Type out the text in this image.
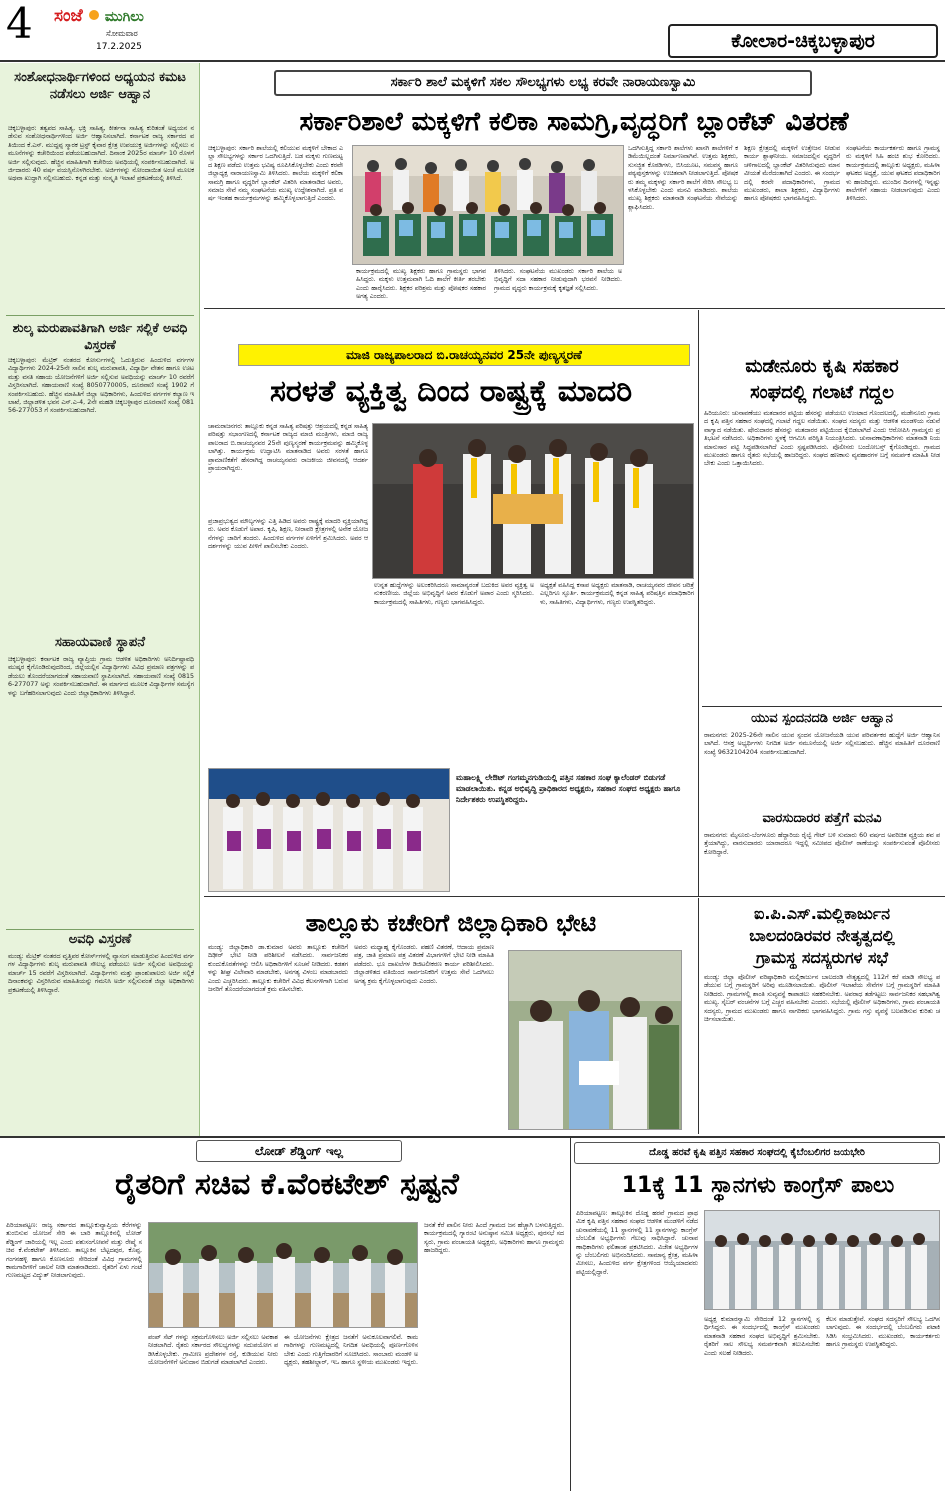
4 ಸಂಜೆ ಮುಗಿಲು
ಸೋಮವಾರ
17.2.2025	ಕೋಲಾರ-ಚಿಕ್ಕಬಳ್ಳಾಪುರ
ಸಂಶೋಧನಾರ್ಥಿಗಳಿಂದ ಅಧ್ಯಯನ ಕಮಟ ನಡೆಸಲು ಅರ್ಜಿ ಆಹ್ವಾನ
ಚಿಕ್ಕಬಳ್ಳಾಪುರ: ತತ್ವಪದ ಸಾಹಿತ್ಯ, ಭಕ್ತಿ ಸಾಹಿತ್ಯ, ಕೀರ್ತನಾ ಸಾಹಿತ್ಯ ಕುರಿತಂತೆ ಅಧ್ಯಯನ ನಡೆಸುವ ಸಂಶೋಧನಾರ್ಥಿಗಳಿಂದ ಅರ್ಜಿ ಆಹ್ವಾನಿಸಲಾಗಿದೆ. ಕರ್ನಾಟಕ ರಾಜ್ಯ ಸರ್ಕಾರದ ವತಿಯಿಂದ ಕೆ.ಎಸ್. ಮುದ್ದಪ್ಪ ಸ್ಮಾರಕ ಟ್ರಸ್ಟ್ ಕೈವಾರ ಕ್ಷೇತ್ರ ಉಪಯುಕ್ತ ಅರ್ಜಿಗಳನ್ನು ಸಲ್ಲಿಸಲು ನಮೂನೆಗಳನ್ನು ಕಚೇರಿಯಿಂದ ಪಡೆಯಬಹುದಾಗಿದೆ. ದಿನಾಂಕ 2025ರ ಮಾರ್ಚ್ 10 ರೊಳಗೆ ಅರ್ಜಿ ಸಲ್ಲಿಸುವುದು. ಹೆಚ್ಚಿನ ಮಾಹಿತಿಗಾಗಿ ಕಚೇರಿಯ ಅವಧಿಯಲ್ಲಿ ಸಂಪರ್ಕಿಸಬಹುದಾಗಿದೆ. ಅರ್ಜಿದಾರರು 40 ವರ್ಷ ವಯಸ್ಸಿನೊಳಗಿರಬೇಕು. ಅರ್ಜಿಗಳನ್ನು ನೋಂದಾಯಿತ ಅಂಚೆ ಮೂಲಕ ಅಥವಾ ಖುದ್ದಾಗಿ ಸಲ್ಲಿಸಬಹುದು. ಕನ್ನಡ ಮತ್ತು ಸಂಸ್ಕೃತಿ ಇಲಾಖೆ ಪ್ರಕಟಣೆಯಲ್ಲಿ ತಿಳಿಸಿದೆ.
ಶುಲ್ಕ ಮರುಪಾವತಿಗಾಗಿ ಅರ್ಜಿ ಸಲ್ಲಿಕೆ ಅವಧಿ ವಿಸ್ತರಣೆ
ಚಿಕ್ಕಬಳ್ಳಾಪುರ: ಮೆಟ್ರಿಕ್ ನಂತರದ ಕೋರ್ಸುಗಳಲ್ಲಿ ಓದುತ್ತಿರುವ ಹಿಂದುಳಿದ ವರ್ಗಗಳ ವಿದ್ಯಾರ್ಥಿಗಳು 2024-25ನೇ ಸಾಲಿನ ಶುಲ್ಕ ಮರುಪಾವತಿ, ವಿದ್ಯಾರ್ಥಿ ವೇತನ ಹಾಗೂ ಊಟ ಮತ್ತು ವಸತಿ ಸಹಾಯ ಯೋಜನೆಗಳಿಗೆ ಅರ್ಜಿ ಸಲ್ಲಿಸುವ ಅವಧಿಯನ್ನು ಮಾರ್ಚ್ 10 ರವರೆಗೆ ವಿಸ್ತರಿಸಲಾಗಿದೆ. ಸಹಾಯವಾಣಿ ಸಂಖ್ಯೆ 8050770005, ದೂರವಾಣಿ ಸಂಖ್ಯೆ 1902 ಗೆ ಸಂಪರ್ಕಿಸಬಹುದು. ಹೆಚ್ಚಿನ ಮಾಹಿತಿಗೆ ಜಿಲ್ಲಾ ಅಧಿಕಾರಿಗಳು, ಹಿಂದುಳಿದ ವರ್ಗಗಳ ಕಲ್ಯಾಣ ಇಲಾಖೆ, ಜಿಲ್ಲಾಡಳಿತ ಭವನ ಎಸ್.ಎ-4, 2ನೇ ಮಹಡಿ ಚಿಕ್ಕಬಳ್ಳಾಪುರ ದೂರವಾಣಿ ಸಂಖ್ಯೆ 08156-277053 ಗೆ ಸಂಪರ್ಕಿಸಬಹುದಾಗಿದೆ.
ಸಹಾಯವಾಣಿ ಸ್ಥಾಪನೆ
ಚಿಕ್ಕಬಳ್ಳಾಪುರ: ಕರ್ನಾಟಕ ರಾಜ್ಯ ವ್ಯಾಪ್ತಿಯ ಗ್ರಾಮ ಆಡಳಿತ ಅಧಿಕಾರಿಗಳು ಅನಿರ್ದಿಷ್ಟಾವಧಿ ಮುಷ್ಕರ ಕೈಗೊಂಡಿರುವುದರಿಂದ, ಜಿಲ್ಲೆಯಲ್ಲಿನ ವಿದ್ಯಾರ್ಥಿಗಳು ವಿವಿಧ ಪ್ರಮಾಣ ಪತ್ರಗಳನ್ನು ಪಡೆಯಲು ತೊಂದರೆಯಾಗದಂತೆ ಸಹಾಯವಾಣಿ ಸ್ಥಾಪಿಸಲಾಗಿದೆ. ಸಹಾಯವಾಣಿ ಸಂಖ್ಯೆ 08156-277077 ಅನ್ನು ಸಂಪರ್ಕಿಸಬಹುದಾಗಿದೆ. ಈ ಮಾರ್ಗದ ಮೂಲಕ ವಿದ್ಯಾರ್ಥಿಗಳ ಸಮಸ್ಯೆಗಳನ್ನು ಬಗೆಹರಿಸಲಾಗುವುದು ಎಂದು ಜಿಲ್ಲಾಧಿಕಾರಿಗಳು ತಿಳಿಸಿದ್ದಾರೆ.
ಅವಧಿ ವಿಸ್ತರಣೆ
ಮಂಡ್ಯ: ಮೆಟ್ರಿಕ್ ನಂತರದ ವೃತ್ತಿಪರ ಕೋರ್ಸ್‌ಗಳಲ್ಲಿ ವ್ಯಾಸಂಗ ಮಾಡುತ್ತಿರುವ ಹಿಂದುಳಿದ ವರ್ಗಗಳ ವಿದ್ಯಾರ್ಥಿಗಳು ಶುಲ್ಕ ಮರುಪಾವತಿ ಸೌಲಭ್ಯ ಪಡೆಯಲು ಅರ್ಜಿ ಸಲ್ಲಿಸುವ ಅವಧಿಯನ್ನು ಮಾರ್ಚ್ 15 ರವರೆಗೆ ವಿಸ್ತರಿಸಲಾಗಿದೆ. ವಿದ್ಯಾರ್ಥಿಗಳು ಮತ್ತು ಪ್ರಾಂಶುಪಾಲರು ಅರ್ಜಿ ಸಲ್ಲಿಕೆ ದಿನಾಂಕವನ್ನು ವಿಸ್ತರಿಸಿರುವ ಮಾಹಿತಿಯನ್ನು ಗಮನಿಸಿ ಅರ್ಜಿ ಸಲ್ಲಿಸುವಂತೆ ಜಿಲ್ಲಾ ಅಧಿಕಾರಿಗಳು ಪ್ರಕಟಣೆಯಲ್ಲಿ ತಿಳಿಸಿದ್ದಾರೆ.
ಸರ್ಕಾರಿ ಶಾಲೆ ಮಕ್ಕಳಿಗೆ ಸಕಲ ಸೌಲಭ್ಯಗಳು ಲಭ್ಯ ಕರವೇ ನಾರಾಯಣಸ್ವಾಮಿ
ಸರ್ಕಾರಿಶಾಲೆ ಮಕ್ಕಳಿಗೆ ಕಲಿಕಾ ಸಾಮಗ್ರಿ,ವೃದ್ಧರಿಗೆ ಬ್ಲಾಂಕೆಟ್ ವಿತರಣೆ
ಚಿಕ್ಕಬಳ್ಳಾಪುರ: ಸರ್ಕಾರಿ ಶಾಲೆಯಲ್ಲಿ ಕಲಿಯುವ ಮಕ್ಕಳಿಗೆ ಬೇಕಾದ ಎಲ್ಲಾ ಸೌಲಭ್ಯಗಳನ್ನು ಸರ್ಕಾರ ಒದಗಿಸುತ್ತಿದೆ. ಬಡ ಮಕ್ಕಳು ಗುಣಮಟ್ಟದ ಶಿಕ್ಷಣ ಪಡೆದು ಉತ್ತಮ ಭವಿಷ್ಯ ರೂಪಿಸಿಕೊಳ್ಳಬೇಕು ಎಂದು ಕರವೇ ಜಿಲ್ಲಾಧ್ಯಕ್ಷ ನಾರಾಯಣಸ್ವಾಮಿ ತಿಳಿಸಿದರು. ಶಾಲೆಯ ಮಕ್ಕಳಿಗೆ ಕಲಿಕಾ ಸಾಮಗ್ರಿ ಹಾಗೂ ವೃದ್ಧರಿಗೆ ಬ್ಲಾಂಕೆಟ್ ವಿತರಿಸಿ ಮಾತನಾಡಿದ ಅವರು, ಸಮಾಜ ಸೇವೆ ನಮ್ಮ ಸಂಘಟನೆಯ ಮುಖ್ಯ ಉದ್ದೇಶವಾಗಿದೆ. ಪ್ರತಿ ವರ್ಷ ಇಂತಹ ಕಾರ್ಯಕ್ರಮಗಳನ್ನು ಹಮ್ಮಿಕೊಳ್ಳಲಾಗುತ್ತಿದೆ ಎಂದರು.
ಒದಗಿಸುತ್ತಿದ್ದ ಸರ್ಕಾರಿ ಶಾಲೆಗಳು ಖಾಸಗಿ ಶಾಲೆಗಳಿಗೆ ಕಡಿಮೆಯಿಲ್ಲದಂತೆ ನಿರ್ಮಾಣವಾಗಿವೆ. ಉತ್ತಮ ಶಿಕ್ಷಕರು, ಸುಸಜ್ಜಿತ ಕೊಠಡಿಗಳು, ಬಿಸಿಯೂಟ, ಸಮವಸ್ತ್ರ ಹಾಗೂ ಪಠ್ಯಪುಸ್ತಕಗಳನ್ನು ಉಚಿತವಾಗಿ ನೀಡಲಾಗುತ್ತಿದೆ. ಪೋಷಕರು ತಮ್ಮ ಮಕ್ಕಳನ್ನು ಸರ್ಕಾರಿ ಶಾಲೆಗೆ ಸೇರಿಸಿ ಸೌಲಭ್ಯ ಬಳಸಿಕೊಳ್ಳಬೇಕು ಎಂದು ಮನವಿ ಮಾಡಿದರು. ಶಾಲೆಯ ಮುಖ್ಯ ಶಿಕ್ಷಕರು ಮಾತನಾಡಿ ಸಂಘಟನೆಯ ಸೇವೆಯನ್ನು ಶ್ಲಾಘಿಸಿದರು.
ಶಿಕ್ಷಣ ಕ್ಷೇತ್ರದಲ್ಲಿ ಮಕ್ಕಳಿಗೆ ಉತ್ತೇಜನ ನೀಡುವ ಕಾರ್ಯ ಶ್ಲಾಘನೀಯ. ಸಮಾಜದಲ್ಲಿನ ವೃದ್ಧರಿಗೆ ಚಳಿಗಾಲದಲ್ಲಿ ಬ್ಲಾಂಕೆಟ್ ವಿತರಿಸಿರುವುದು ಮಾನವೀಯತೆ ಮೆರೆದಂತಾಗಿದೆ ಎಂದರು. ಈ ಸಂದರ್ಭದಲ್ಲಿ ಕರವೇ ಪದಾಧಿಕಾರಿಗಳು, ಗ್ರಾಮದ ಮುಖಂಡರು, ಶಾಲಾ ಶಿಕ್ಷಕರು, ವಿದ್ಯಾರ್ಥಿಗಳು ಹಾಗೂ ಪೋಷಕರು ಭಾಗವಹಿಸಿದ್ದರು.
ಸಂಘಟನೆಯ ಕಾರ್ಯಕರ್ತರು ಹಾಗೂ ಗ್ರಾಮಸ್ಥರು ಮಕ್ಕಳಿಗೆ ಸಿಹಿ ಹಂಚಿ ಶುಭ ಕೋರಿದರು. ಕಾರ್ಯಕ್ರಮದಲ್ಲಿ ತಾಲ್ಲೂಕು ಅಧ್ಯಕ್ಷರು, ಮಹಿಳಾ ಘಟಕದ ಅಧ್ಯಕ್ಷೆ, ಯುವ ಘಟಕದ ಪದಾಧಿಕಾರಿಗಳು ಹಾಜರಿದ್ದರು. ಮುಂದಿನ ದಿನಗಳಲ್ಲಿ ಇನ್ನಷ್ಟು ಶಾಲೆಗಳಿಗೆ ಸಹಾಯ ನೀಡಲಾಗುವುದು ಎಂದು ತಿಳಿಸಿದರು.
ಕಾರ್ಯಕ್ರಮದಲ್ಲಿ ಮುಖ್ಯ ಶಿಕ್ಷಕರು ಹಾಗೂ ಗ್ರಾಮಸ್ಥರು ಭಾಗವಹಿಸಿದ್ದರು. ಮಕ್ಕಳು ಉತ್ತಮವಾಗಿ ಓದಿ ಶಾಲೆಗೆ ಕೀರ್ತಿ ತರಬೇಕು ಎಂದು ಹಾರೈಸಿದರು. ಶಿಕ್ಷಕರ ಪರಿಶ್ರಮ ಮತ್ತು ಪೋಷಕರ ಸಹಕಾರ ಅಗತ್ಯ ಎಂದರು.
ತಿಳಿಸಿದರು. ಸಂಘಟನೆಯ ಮುಖಂಡರು ಸರ್ಕಾರಿ ಶಾಲೆಯ ಅಭಿವೃದ್ಧಿಗೆ ಸದಾ ಸಹಕಾರ ನೀಡುವುದಾಗಿ ಭರವಸೆ ನೀಡಿದರು. ಗ್ರಾಮದ ವೃದ್ಧರು ಕಾರ್ಯಕ್ರಮಕ್ಕೆ ಕೃತಜ್ಞತೆ ಸಲ್ಲಿಸಿದರು.
ಮಾಜಿ ರಾಜ್ಯಪಾಲರಾದ ಬಿ.ರಾಚಯ್ಯನವರ 25ನೇ ಪುಣ್ಯಸ್ಮರಣೆ
ಸರಳತೆ ವ್ಯಕ್ತಿತ್ವ ದಿಂದ ರಾಷ್ಟ್ರಕ್ಕೆ ಮಾದರಿ
ಚಾಮರಾಜನಗರ: ತಾಲ್ಲೂಕು ಕನ್ನಡ ಸಾಹಿತ್ಯ ಪರಿಷತ್ತು ಆಶ್ರಯದಲ್ಲಿ ಕನ್ನಡ ಸಾಹಿತ್ಯ ಪರಿಷತ್ತು ಸಭಾಂಗಣದಲ್ಲಿ ಕರ್ನಾಟಕ ರಾಜ್ಯದ ಮಾಜಿ ಮಂತ್ರಿಗಳು, ಮಾಜಿ ರಾಜ್ಯಪಾಲರಾದ ಬಿ.ರಾಚಯ್ಯನವರ 25ನೇ ಪುಣ್ಯಸ್ಮರಣೆ ಕಾರ್ಯಕ್ರಮವನ್ನು ಹಮ್ಮಿಕೊಳ್ಳಲಾಗಿತ್ತು. ಕಾರ್ಯಕ್ರಮ ಉದ್ಘಾಟಿಸಿ ಮಾತನಾಡಿದ ಅವರು ಸರಳತೆ ಹಾಗೂ ಪ್ರಾಮಾಣಿಕತೆಗೆ ಹೆಸರಾಗಿದ್ದ ರಾಚಯ್ಯನವರು ರಾಜಕೀಯ ಜೀವನದಲ್ಲಿ ಆದರ್ಶಪ್ರಾಯರಾಗಿದ್ದರು.
ಪ್ರಜಾಪ್ರಭುತ್ವದ ಮೌಲ್ಯಗಳನ್ನು ಎತ್ತಿ ಹಿಡಿದ ಅವರು ರಾಷ್ಟ್ರಕ್ಕೆ ಮಾದರಿ ವ್ಯಕ್ತಿಯಾಗಿದ್ದರು. ಅವರ ಕೊಡುಗೆ ಅಪಾರ. ಕೃಷಿ, ಶಿಕ್ಷಣ, ನೀರಾವರಿ ಕ್ಷೇತ್ರಗಳಲ್ಲಿ ಅನೇಕ ಯೋಜನೆಗಳನ್ನು ಜಾರಿಗೆ ತಂದರು. ಹಿಂದುಳಿದ ವರ್ಗಗಳ ಏಳಿಗೆಗೆ ಶ್ರಮಿಸಿದರು. ಅವರ ಆದರ್ಶಗಳನ್ನು ಯುವ ಪೀಳಿಗೆ ಪಾಲಿಸಬೇಕು ಎಂದರು.
ಉನ್ನತ ಹುದ್ದೆಗಳನ್ನು ಅಲಂಕರಿಸಿದರೂ ಸಾಮಾನ್ಯರಂತೆ ಬದುಕಿದ ಅವರ ವ್ಯಕ್ತಿತ್ವ ಅನುಕರಣೀಯ. ಜಿಲ್ಲೆಯ ಅಭಿವೃದ್ಧಿಗೆ ಅವರ ಕೊಡುಗೆ ಅಪಾರ ಎಂದು ಸ್ಮರಿಸಿದರು. ಕಾರ್ಯಕ್ರಮದಲ್ಲಿ ಸಾಹಿತಿಗಳು, ಗಣ್ಯರು ಭಾಗವಹಿಸಿದ್ದರು.
ಅಧ್ಯಕ್ಷತೆ ವಹಿಸಿದ್ದ ಕಸಾಪ ಅಧ್ಯಕ್ಷರು ಮಾತನಾಡಿ, ರಾಚಯ್ಯನವರ ಜೀವನ ಚರಿತ್ರೆ ಎಲ್ಲರಿಗೂ ಸ್ಫೂರ್ತಿ. ಕಾರ್ಯಕ್ರಮದಲ್ಲಿ ಕನ್ನಡ ಸಾಹಿತ್ಯ ಪರಿಷತ್ತಿನ ಪದಾಧಿಕಾರಿಗಳು, ಸಾಹಿತಿಗಳು, ವಿದ್ಯಾರ್ಥಿಗಳು, ಗಣ್ಯರು ಉಪಸ್ಥಿತರಿದ್ದರು.
ಮಹಾಲಕ್ಷ್ಮಿ ಲೇಔಟ್ ಗಂಗಮ್ಮನಗುಡಿಯಲ್ಲಿ ಪತ್ತಿನ ಸಹಕಾರ ಸಂಘ ಕ್ಯಾಲೆಂಡರ್ ಬಿಡುಗಡೆ ಮಾಡಲಾಯಿತು. ಕನ್ನಡ ಅಭಿವೃದ್ಧಿ ಪ್ರಾಧಿಕಾರದ ಅಧ್ಯಕ್ಷರು, ಸಹಕಾರ ಸಂಘದ ಅಧ್ಯಕ್ಷರು ಹಾಗೂ ನಿರ್ದೇಶಕರು ಉಪಸ್ಥಿತರಿದ್ದರು.
ಮಡೇನೂರು ಕೃಷಿ ಸಹಕಾರ
ಸಂಘದಲ್ಲಿ ಗಲಾಟೆ ಗದ್ದಲ
ಹಿರಿಯೂರು: ಚುನಾವಣೆಯು ಮತದಾರರ ಪಟ್ಟಿಯ ಹೆಸರನ್ನು ಪಡೆಯಲು ಉಂಟಾದ ಗೊಂದಲದಲ್ಲಿ, ಮಡೇನೂರು ಗ್ರಾಮದ ಕೃಷಿ ಪತ್ತಿನ ಸಹಕಾರ ಸಂಘದಲ್ಲಿ ಗಲಾಟೆ ಗದ್ದಲ ನಡೆಯಿತು. ಸಂಘದ ಸದಸ್ಯರು ಮತ್ತು ಆಡಳಿತ ಮಂಡಳಿಯ ನಡುವೆ ವಾಗ್ವಾದ ನಡೆಯಿತು. ಷೇರುದಾರರ ಹೆಸರನ್ನು ಮತದಾರರ ಪಟ್ಟಿಯಿಂದ ಕೈಬಿಡಲಾಗಿದೆ ಎಂದು ಆರೋಪಿಸಿ ಗ್ರಾಮಸ್ಥರು ಪ್ರತಿಭಟನೆ ನಡೆಸಿದರು. ಅಧಿಕಾರಿಗಳು ಸ್ಥಳಕ್ಕೆ ಆಗಮಿಸಿ ಪರಿಸ್ಥಿತಿ ನಿಯಂತ್ರಿಸಿದರು. ಚುನಾವಣಾಧಿಕಾರಿಗಳು ಮಾತನಾಡಿ ನಿಯಮಾನುಸಾರ ಪಟ್ಟಿ ಸಿದ್ಧಪಡಿಸಲಾಗಿದೆ ಎಂದು ಸ್ಪಷ್ಟಪಡಿಸಿದರು. ಪೊಲೀಸರು ಬಂದೋಬಸ್ತ್ ಕೈಗೊಂಡಿದ್ದರು. ಗ್ರಾಮದ ಮುಖಂಡರು ಹಾಗೂ ರೈತರು ಸಭೆಯಲ್ಲಿ ಹಾಜರಿದ್ದರು. ಸಂಘದ ಹಣಕಾಸು ವ್ಯವಹಾರಗಳ ಬಗ್ಗೆ ಸಮರ್ಪಕ ಮಾಹಿತಿ ನೀಡಬೇಕು ಎಂದು ಒತ್ತಾಯಿಸಿದರು.
ಯುವ ಸ್ಪಂದನದಡಿ ಅರ್ಜಿ ಆಹ್ವಾನ
ರಾಮನಗರ: 2025-26ನೇ ಸಾಲಿನ ಯುವ ಸ್ಪಂದನ ಯೋಜನೆಯಡಿ ಯುವ ಪರಿವರ್ತಕರ ಹುದ್ದೆಗೆ ಅರ್ಜಿ ಆಹ್ವಾನಿಸಲಾಗಿದೆ. ಆಸಕ್ತ ಅಭ್ಯರ್ಥಿಗಳು ನಿಗದಿತ ಅರ್ಜಿ ನಮೂನೆಯಲ್ಲಿ ಅರ್ಜಿ ಸಲ್ಲಿಸಬಹುದು. ಹೆಚ್ಚಿನ ಮಾಹಿತಿಗೆ ದೂರವಾಣಿ ಸಂಖ್ಯೆ 9632104204 ಸಂಪರ್ಕಿಸಬಹುದಾಗಿದೆ.
ವಾರಸುದಾರರ ಪತ್ತೆಗೆ ಮನವಿ
ರಾಮನಗರ: ಮೈಸೂರು-ಬೆಂಗಳೂರು ಹೆದ್ದಾರಿಯ ರೈಲ್ವೆ ಗೇಟ್ ಬಳಿ ಸುಮಾರು 60 ವರ್ಷದ ಅಪರಿಚಿತ ವ್ಯಕ್ತಿಯ ಶವ ಪತ್ತೆಯಾಗಿದ್ದು, ವಾರಸುದಾರರು ಯಾರಾದರೂ ಇದ್ದಲ್ಲಿ ಸಮೀಪದ ಪೊಲೀಸ್ ಠಾಣೆಯನ್ನು ಸಂಪರ್ಕಿಸುವಂತೆ ಪೊಲೀಸರು ಕೋರಿದ್ದಾರೆ.
ತಾಲ್ಲೂಕು ಕಚೇರಿಗೆ ಜಿಲ್ಲಾಧಿಕಾರಿ ಭೇಟಿ
ಮಂಡ್ಯ: ಜಿಲ್ಲಾಧಿಕಾರಿ ಡಾ.ಕುಮಾರ ಅವರು ತಾಲ್ಲೂಕು ಕಚೇರಿಗೆ ದಿಢೀರ್ ಭೇಟಿ ನೀಡಿ ಪರಿಶೀಲನೆ ನಡೆಸಿದರು. ಸಾರ್ವಜನಿಕರ ಕುಂದುಕೊರತೆಗಳನ್ನು ಆಲಿಸಿ ಅಧಿಕಾರಿಗಳಿಗೆ ಸೂಚನೆ ನೀಡಿದರು. ಕಡತಗಳನ್ನು ಶೀಘ್ರ ವಿಲೇವಾರಿ ಮಾಡಬೇಕು, ಅನಗತ್ಯ ವಿಳಂಬ ಮಾಡಬಾರದು ಎಂದು ಎಚ್ಚರಿಸಿದರು. ತಾಲ್ಲೂಕು ಕಚೇರಿಗೆ ವಿವಿಧ ಕೆಲಸಗಳಿಗಾಗಿ ಬರುವ ಜನರಿಗೆ ತೊಂದರೆಯಾಗದಂತೆ ಕ್ರಮ ವಹಿಸಬೇಕು.
ಅವರು ಮಧ್ಯಾಹ್ನ ಕೈಗೊಂಡರು. ಪಹಣಿ ವಿತರಣೆ, ಆದಾಯ ಪ್ರಮಾಣ ಪತ್ರ, ಜಾತಿ ಪ್ರಮಾಣ ಪತ್ರ ವಿತರಣೆ ವಿಭಾಗಗಳಿಗೆ ಭೇಟಿ ನೀಡಿ ಮಾಹಿತಿ ಪಡೆದರು. ಭೂ ದಾಖಲೆಗಳ ಡಿಜಿಟಲೀಕರಣ ಕಾರ್ಯ ಪರಿಶೀಲಿಸಿದರು. ಜಿಲ್ಲಾಡಳಿತದ ವತಿಯಿಂದ ಸಾರ್ವಜನಿಕರಿಗೆ ಉತ್ತಮ ಸೇವೆ ಒದಗಿಸಲು ಅಗತ್ಯ ಕ್ರಮ ಕೈಗೊಳ್ಳಲಾಗುವುದು ಎಂದರು.
ಐ.ಪಿ.ಎಸ್.ಮಲ್ಲಿಕಾರ್ಜುನ
ಬಾಲದಂಡಿರವರ ನೇತೃತ್ವದಲ್ಲಿ
ಗ್ರಾಮಸ್ಥ ಸದಸ್ಯರುಗಳ ಸಭೆ
ಮಂಡ್ಯ: ಜಿಲ್ಲಾ ಪೊಲೀಸ್ ವರಿಷ್ಠಾಧಿಕಾರಿ ಮಲ್ಲಿಕಾರ್ಜುನ ಬಾಲದಂಡಿ ನೇತೃತ್ವದಲ್ಲಿ 112ಗೆ ಕರೆ ಮಾಡಿ ಸೌಲಭ್ಯ ಪಡೆಯುವ ಬಗ್ಗೆ ಗ್ರಾಮಸ್ಥರಿಗೆ ಅರಿವು ಮೂಡಿಸಲಾಯಿತು. ಪೊಲೀಸ್ ಇಲಾಖೆಯ ಸೇವೆಗಳ ಬಗ್ಗೆ ಗ್ರಾಮಸ್ಥರಿಗೆ ಮಾಹಿತಿ ನೀಡಿದರು. ಗ್ರಾಮಗಳಲ್ಲಿ ಶಾಂತಿ ಸುವ್ಯವಸ್ಥೆ ಕಾಪಾಡಲು ಸಹಕರಿಸಬೇಕು. ಅಪರಾಧ ತಡೆಗಟ್ಟಲು ಸಾರ್ವಜನಿಕರ ಸಹಭಾಗಿತ್ವ ಮುಖ್ಯ. ಸೈಬರ್ ವಂಚನೆಗಳ ಬಗ್ಗೆ ಎಚ್ಚರ ವಹಿಸಬೇಕು ಎಂದರು. ಸಭೆಯಲ್ಲಿ ಪೊಲೀಸ್ ಅಧಿಕಾರಿಗಳು, ಗ್ರಾಮ ಪಂಚಾಯತಿ ಸದಸ್ಯರು, ಗ್ರಾಮದ ಮುಖಂಡರು ಹಾಗೂ ನಾಗರಿಕರು ಭಾಗವಹಿಸಿದ್ದರು. ಗ್ರಾಮ ಗಸ್ತು ವ್ಯವಸ್ಥೆ ಬಲಪಡಿಸುವ ಕುರಿತು ಚರ್ಚಿಸಲಾಯಿತು.
ಲೋಡ್ ಶೆಡ್ಡಿಂಗ್ ಇಲ್ಲ
ರೈತರಿಗೆ ಸಚಿವ ಕೆ.ವೆಂಕಟೇಶ್ ಸ್ಪಷ್ಟನೆ
ಪಿರಿಯಾಪಟ್ಟಣ: ರಾಜ್ಯ ಸರ್ಕಾರದ ತಾಲ್ಲೂಕುವ್ಯಾಪ್ತಿಯ ಕೆರೆಗಳನ್ನು ತುಂಬಿಸುವ ಯೋಜನೆ ಸೇರಿ ಈ ಬಾರಿ ತಾಲ್ಲೂಕಿನಲ್ಲಿ ಲೋಡ್ ಶೆಡ್ಡಿಂಗ್ ಜಾರಿಯಲ್ಲಿ ಇಲ್ಲ ಎಂದು ಪಶುಸಂಗೋಪನೆ ಮತ್ತು ರೇಷ್ಮೆ ಸಚಿವ ಕೆ.ವೆಂಕಟೇಶ್ ತಿಳಿಸಿದರು. ತಾಲ್ಲೂಕಿನ ಬೆಟ್ಟದಪುರ, ಕೊಪ್ಪ, ಗಂಗನಹಳ್ಳಿ ಹಾಗೂ ಕೊಣನೂರು ಸೇರಿದಂತೆ ವಿವಿಧ ಗ್ರಾಮಗಳಲ್ಲಿ ಕಾಮಗಾರಿಗಳಿಗೆ ಚಾಲನೆ ನೀಡಿ ಮಾತನಾಡಿದರು. ರೈತರಿಗೆ ಏಳು ಗಂಟೆ ಗುಣಮಟ್ಟದ ವಿದ್ಯುತ್ ನೀಡಲಾಗುವುದು.
ಪಂಪ್ ಸೆಟ್ ಗಳನ್ನು ಸಕ್ರಮಗೊಳಿಸಲು ಅರ್ಜಿ ಸಲ್ಲಿಸಲು ಅವಕಾಶ ನೀಡಲಾಗಿದೆ. ರೈತರು ಸರ್ಕಾರದ ಸೌಲಭ್ಯಗಳನ್ನು ಸದುಪಯೋಗ ಪಡಿಸಿಕೊಳ್ಳಬೇಕು. ಗ್ರಾಮೀಣ ಪ್ರದೇಶಗಳ ರಸ್ತೆ, ಕುಡಿಯುವ ನೀರು ಯೋಜನೆಗಳಿಗೆ ಅನುದಾನ ಬಿಡುಗಡೆ ಮಾಡಲಾಗಿದೆ ಎಂದರು.
ಈ ಯೋಜನೆಗಳು ಕ್ಷೇತ್ರದ ಜನತೆಗೆ ಅನುಕೂಲವಾಗಲಿವೆ. ಕಾಮಗಾರಿಗಳನ್ನು ಗುಣಮಟ್ಟದಲ್ಲಿ ನಿಗದಿತ ಅವಧಿಯಲ್ಲಿ ಪೂರ್ಣಗೊಳಿಸಬೇಕು ಎಂದು ಗುತ್ತಿಗೆದಾರರಿಗೆ ಸೂಚಿಸಿದರು. ಸಾಂಬಾರು ಮಂಡಳಿ ಅಧ್ಯಕ್ಷರು, ತಹಶೀಲ್ದಾರ್, ಇಒ ಹಾಗೂ ಸ್ಥಳೀಯ ಮುಖಂಡರು ಇದ್ದರು.
ಜನತೆ ಕೆರೆ ಪಾಲಿನ ನೀರು ಹಿಂದೆ ಗ್ರಾಮದ ಜನ ಹೆಚ್ಚಾಗಿ ಬಳಸುತ್ತಿದ್ದರು. ಕಾರ್ಯಕ್ರಮದಲ್ಲಿ ಗ್ಯಾರಂಟಿ ಅನುಷ್ಠಾನ ಸಮಿತಿ ಅಧ್ಯಕ್ಷರು, ಪುರಸಭೆ ಸದಸ್ಯರು, ಗ್ರಾಮ ಪಂಚಾಯತಿ ಅಧ್ಯಕ್ಷರು, ಅಧಿಕಾರಿಗಳು ಹಾಗೂ ಗ್ರಾಮಸ್ಥರು ಹಾಜರಿದ್ದರು.
ದೊಡ್ಡ ಹರವೆ ಕೃಷಿ ಪತ್ತಿನ ಸಹಕಾರ ಸಂಘದಲ್ಲಿ ಕೈಬೆಂಬಲಿಗರ ಜಯಭೇರಿ
11ಕ್ಕೆ 11 ಸ್ಥಾನಗಳು ಕಾಂಗ್ರೆಸ್ ಪಾಲು
ಪಿರಿಯಾಪಟ್ಟಣ: ತಾಲ್ಲೂಕಿನ ದೊಡ್ಡ ಹರವೆ ಗ್ರಾಮದ ಪ್ರಾಥಮಿಕ ಕೃಷಿ ಪತ್ತಿನ ಸಹಕಾರ ಸಂಘದ ಆಡಳಿತ ಮಂಡಳಿಗೆ ನಡೆದ ಚುನಾವಣೆಯಲ್ಲಿ 11 ಸ್ಥಾನಗಳಲ್ಲಿ 11 ಸ್ಥಾನಗಳನ್ನು ಕಾಂಗ್ರೆಸ್ ಬೆಂಬಲಿತ ಅಭ್ಯರ್ಥಿಗಳು ಗೆಲುವು ಸಾಧಿಸಿದ್ದಾರೆ. ಚುನಾವಣಾಧಿಕಾರಿಗಳು ಫಲಿತಾಂಶ ಪ್ರಕಟಿಸಿದರು. ವಿಜೇತ ಅಭ್ಯರ್ಥಿಗಳನ್ನು ಬೆಂಬಲಿಗರು ಅಭಿನಂದಿಸಿದರು. ಸಾಮಾನ್ಯ ಕ್ಷೇತ್ರ, ಮಹಿಳಾ ಮೀಸಲು, ಹಿಂದುಳಿದ ವರ್ಗ ಕ್ಷೇತ್ರಗಳಿಂದ ಆಯ್ಕೆಯಾದವರು ಪಟ್ಟಿಯಲ್ಲಿದ್ದಾರೆ.
ಅಧ್ಯಕ್ಷ ಕುಮಾರಸ್ವಾಮಿ ಸೇರಿದಂತೆ 12 ಸ್ಥಾನಗಳಲ್ಲಿ ಸ್ಪರ್ಧಿಸಿದ್ದರು. ಈ ಸಂದರ್ಭದಲ್ಲಿ ಕಾಂಗ್ರೆಸ್ ಮುಖಂಡರು ಮಾತನಾಡಿ ಸಹಕಾರ ಸಂಘದ ಅಭಿವೃದ್ಧಿಗೆ ಶ್ರಮಿಸಬೇಕು. ರೈತರಿಗೆ ಸಾಲ ಸೌಲಭ್ಯ ಸಮರ್ಪಕವಾಗಿ ತಲುಪಿಸಬೇಕು ಎಂದು ಸಲಹೆ ನೀಡಿದರು.
ಕೆಲಸ ಮಾಡುತ್ತೇವೆ. ಸಂಘದ ಸದಸ್ಯರಿಗೆ ಸೌಲಭ್ಯ ಒದಗಿಸಲಾಗುವುದು. ಈ ಸಂದರ್ಭದಲ್ಲಿ ಬೆಂಬಲಿಗರು ಪಟಾಕಿ ಸಿಡಿಸಿ ಸಂಭ್ರಮಿಸಿದರು. ಮುಖಂಡರು, ಕಾರ್ಯಕರ್ತರು ಹಾಗೂ ಗ್ರಾಮಸ್ಥರು ಉಪಸ್ಥಿತರಿದ್ದರು.
